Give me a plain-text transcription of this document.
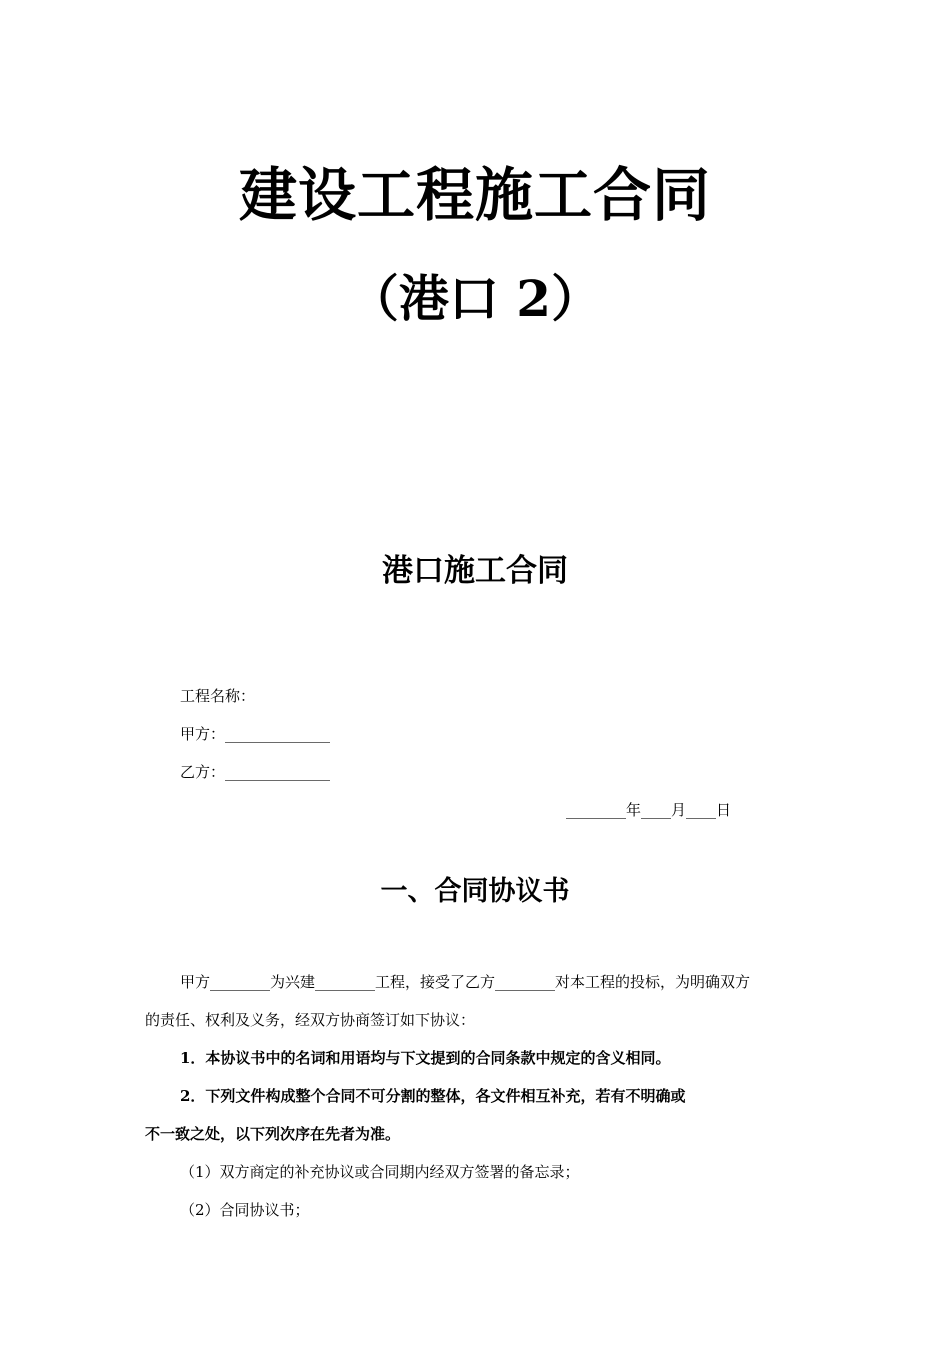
建设工程施工合同
（港口 2）
港口施工合同
工程名称：
甲方：______________
乙方：______________
________年____月____日
一、合同协议书
甲方________为兴建________工程，接受了乙方________对本工程的投标，为明确双方
的责任、权利及义务，经双方协商签订如下协议：
1．本协议书中的名词和用语均与下文提到的合同条款中规定的含义相同。
2．下列文件构成整个合同不可分割的整体，各文件相互补充，若有不明确或
不一致之处，以下列次序在先者为准。
（1）双方商定的补充协议或合同期内经双方签署的备忘录；
（2）合同协议书；
